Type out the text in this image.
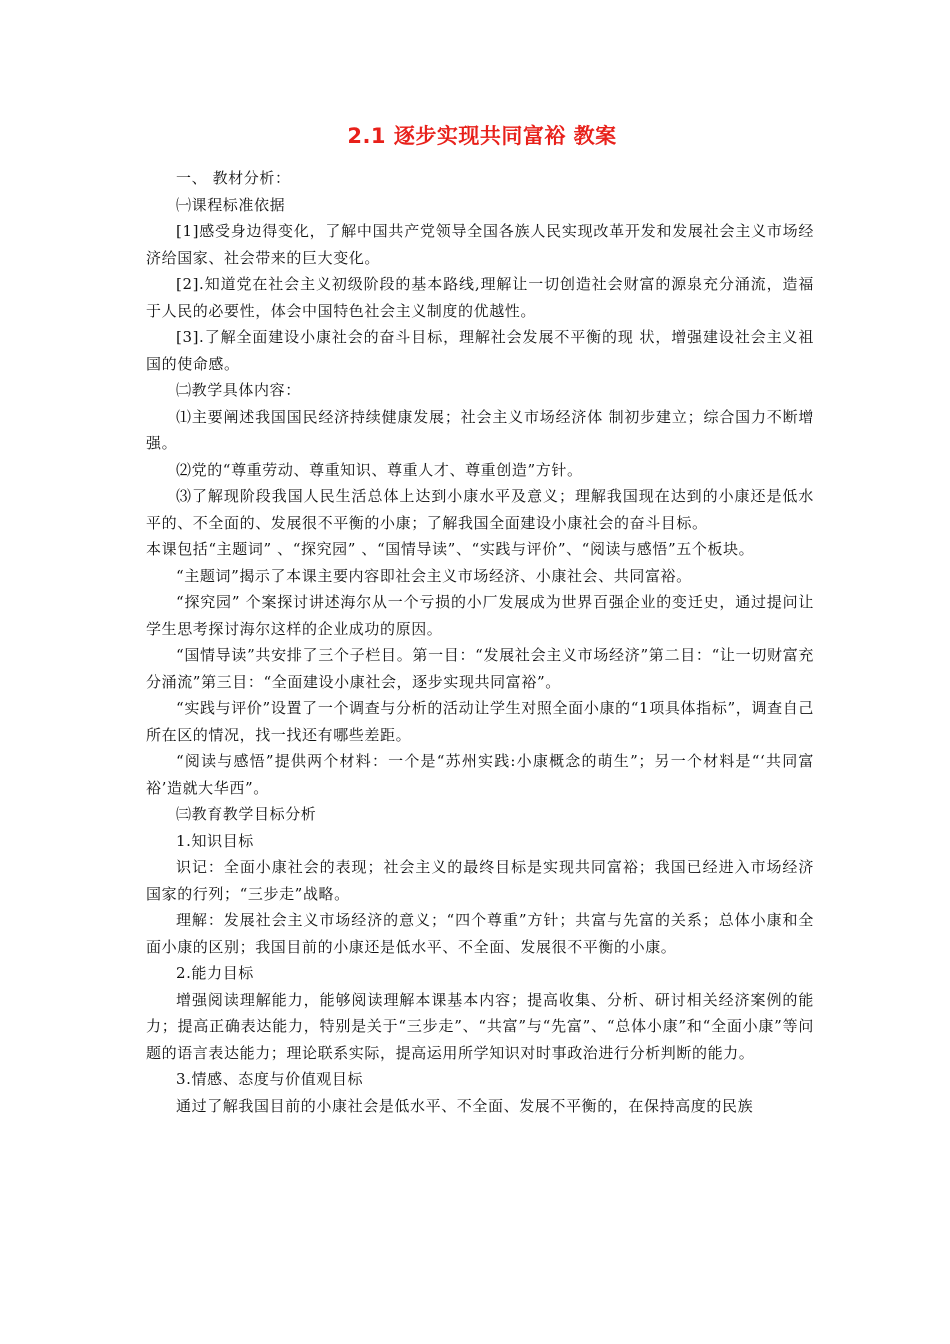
2.1 逐步实现共同富裕 教案

一、 教材分析：

㈠课程标准依据

[1]感受身边得变化，了解中国共产党领导全国各族人民实现改革开发和发展社会主义市场经济给国家、社会带来的巨大变化。

[2].知道党在社会主义初级阶段的基本路线,理解让一切创造社会财富的源泉充分涌流，造福于人民的必要性，体会中国特色社会主义制度的优越性。

[3].了解全面建设小康社会的奋斗目标，理解社会发展不平衡的现 状，增强建设社会主义祖国的使命感。

㈡教学具体内容：

⑴主要阐述我国国民经济持续健康发展；社会主义市场经济体 制初步建立；综合国力不断增强。

⑵党的“尊重劳动、尊重知识、尊重人才、尊重创造”方针。

⑶了解现阶段我国人民生活总体上达到小康水平及意义；理解我国现在达到的小康还是低水平的、不全面的、发展很不平衡的小康；了解我国全面建设小康社会的奋斗目标。

本课包括“主题词” 、“探究园” 、“国情导读”、“实践与评价”、“阅读与感悟”五个板块。

“主题词”揭示了本课主要内容即社会主义市场经济、小康社会、共同富裕。

“探究园” 个案探讨讲述海尔从一个亏损的小厂发展成为世界百强企业的变迁史，通过提问让学生思考探讨海尔这样的企业成功的原因。

“国情导读”共安排了三个子栏目。第一目：“发展社会主义市场经济”第二目：“让一切财富充分涌流”第三目：“全面建设小康社会，逐步实现共同富裕”。

“实践与评价”设置了一个调查与分析的活动让学生对照全面小康的“1项具体指标”，调查自己所在区的情况，找一找还有哪些差距。

“阅读与感悟”提供两个材料：一个是“苏州实践:小康概念的萌生”；另一个材料是“‘共同富裕’造就大华西”。

㈢教育教学目标分析

1.知识目标

识记：全面小康社会的表现；社会主义的最终目标是实现共同富裕；我国已经进入市场经济国家的行列；“三步走”战略。

理解：发展社会主义市场经济的意义；“四个尊重”方针；共富与先富的关系；总体小康和全面小康的区别；我国目前的小康还是低水平、不全面、发展很不平衡的小康。

2.能力目标

增强阅读理解能力，能够阅读理解本课基本内容；提高收集、分析、研讨相关经济案例的能力；提高正确表达能力，特别是关于“三步走”、“共富”与“先富”、“总体小康”和“全面小康”等问题的语言表达能力；理论联系实际，提高运用所学知识对时事政治进行分析判断的能力。

3.情感、态度与价值观目标

通过了解我国目前的小康社会是低水平、不全面、发展不平衡的，在保持高度的民族
